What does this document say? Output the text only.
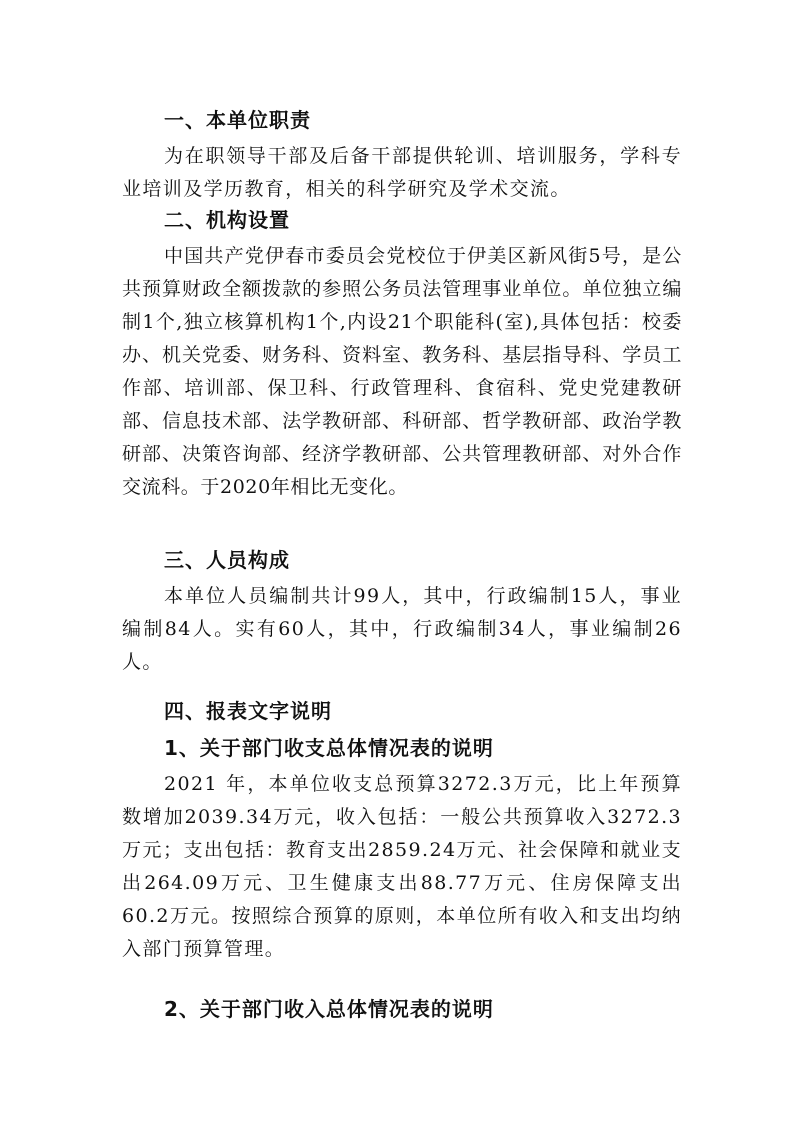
一、本单位职责

为在职领导干部及后备干部提供轮训、培训服务，学科专业培训及学历教育，相关的科学研究及学术交流。

二、机构设置

中国共产党伊春市委员会党校位于伊美区新风街5号，是公共预算财政全额拨款的参照公务员法管理事业单位。单位独立编制1个,独立核算机构1个,内设21个职能科(室),具体包括：校委办、机关党委、财务科、资料室、教务科、基层指导科、学员工作部、培训部、保卫科、行政管理科、食宿科、党史党建教研部、信息技术部、法学教研部、科研部、哲学教研部、政治学教研部、决策咨询部、经济学教研部、公共管理教研部、对外合作交流科。于2020年相比无变化。

三、人员构成

本单位人员编制共计99人，其中，行政编制15人，事业编制84人。实有60人，其中，行政编制34人，事业编制26人。

四、报表文字说明
1、关于部门收支总体情况表的说明

2021 年，本单位收支总预算3272.3万元，比上年预算数增加2039.34万元，收入包括：一般公共预算收入3272.3万元；支出包括：教育支出2859.24万元、社会保障和就业支出264.09万元、卫生健康支出88.77万元、住房保障支出60.2万元。按照综合预算的原则，本单位所有收入和支出均纳入部门预算管理。

2、关于部门收入总体情况表的说明
